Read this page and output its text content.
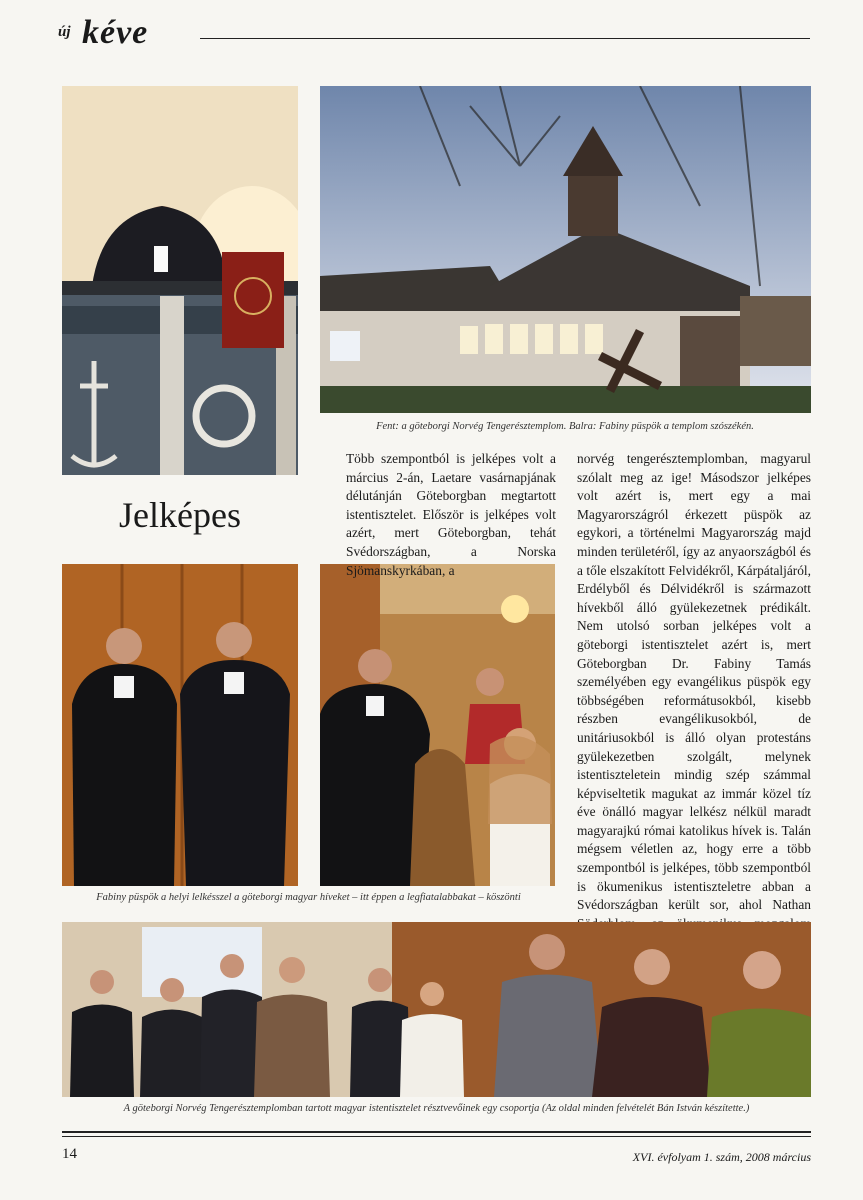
új kéve
Fent: a göteborgi Norvég Tengerésztemplom. Balra: Fabiny püspök a templom szószékén.
Jelképes
Fabiny püspök a helyi lelkésszel a göteborgi magyar híveket – itt éppen a legfiatalabbakat – köszönti

Több szempontból is jelképes volt a március 2-án, Laetare vasárnapjának délutánján Göteborgban megtartott istentisztelet. Először is jelképes volt azért, mert Göteborgban, tehát Svédországban, a Norska Sjömanskyrkában, a

norvég tengerésztemplomban, magyarul szólalt meg az ige! Másodszor jelképes volt azért is, mert egy a mai Magyarországról érkezett püspök az egykori, a történelmi Magyarország majd minden területéről, így az anyaországból és a tőle elszakított Felvidékről, Kárpátaljáról, Erdélyből és Délvidékről is származott hívekből álló gyülekezetnek prédikált. Nem utolsó sorban jelképes volt a göteborgi istentisztelet azért is, mert Göteborgban Dr. Fabiny Tamás személyében egy evangélikus püspök egy többségében reformátusokból, kisebb részben evangélikusokból, de unitáriusokból is álló olyan protestáns gyülekezetben szolgált, melynek istentiszteletein mindig szép számmal képviseltetik magukat az immár közel tíz éve önálló magyar lelkész nélkül maradt magyarajkú római katolikus hívek is. Talán mégsem véletlen az, hogy erre a több szempontból is jelképes, több szempontból is ökumenikus istentiszteletre abban a Svédországban került sor, ahol Nathan

A göteborgi Norvég Tengerésztemplomban tartott magyar istentisztelet résztvevőinek egy csoportja (Az oldal minden felvételét Bán István készítette.)
14	XVI. évfolyam 1. szám, 2008 március
